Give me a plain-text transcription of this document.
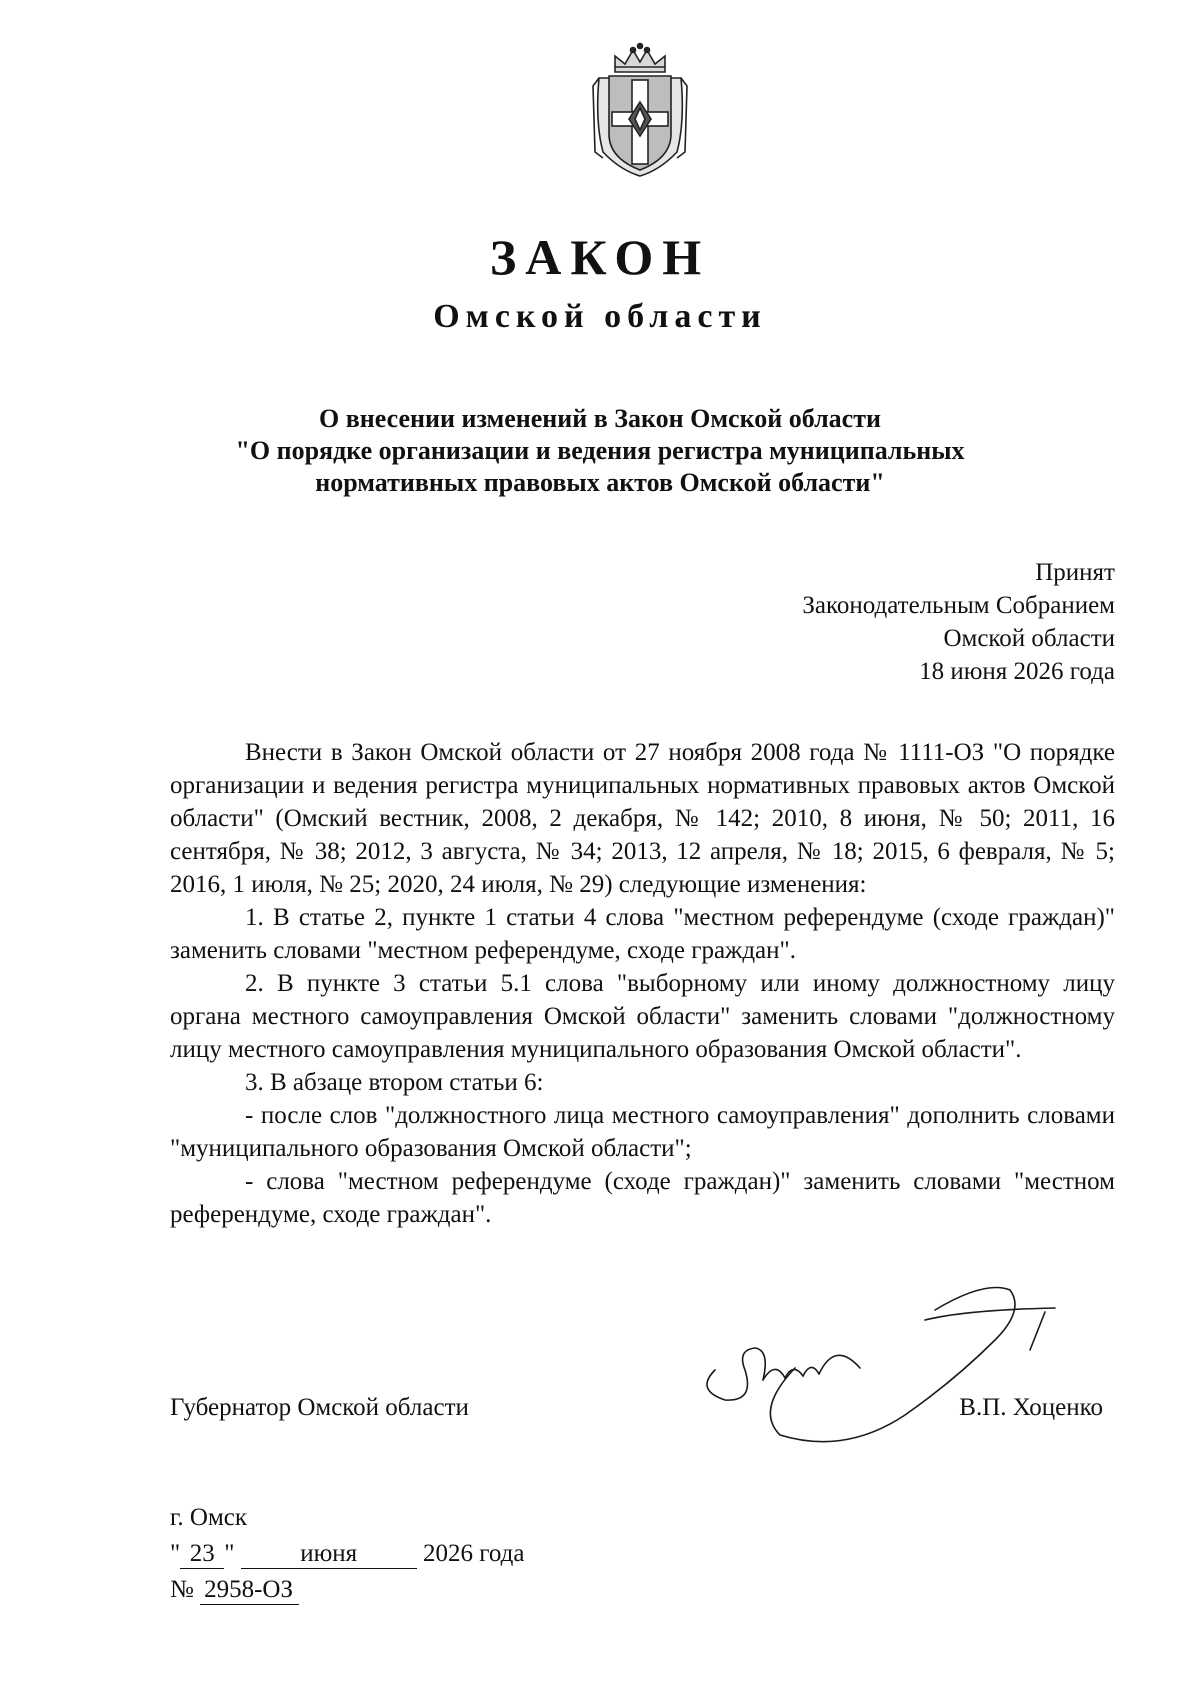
ЗАКОН
Омской области
О внесении изменений в Закон Омской области
"О порядке организации и ведения регистра муниципальных
нормативных правовых актов Омской области"
Принят
Законодательным Собранием
Омской области
18 июня 2026 года

Внести в Закон Омской области от 27 ноября 2008 года № 1111-ОЗ "О порядке организации и ведения регистра муниципальных нормативных правовых актов Омской области" (Омский вестник, 2008, 2 декабря, № 142; 2010, 8 июня, № 50; 2011, 16 сентября, № 38; 2012, 3 августа, № 34; 2013, 12 апреля, № 18; 2015, 6 февраля, № 5; 2016, 1 июля, № 25; 2020, 24 июля, № 29) следующие изменения:

1. В статье 2, пункте 1 статьи 4 слова "местном референдуме (сходе граждан)" заменить словами "местном референдуме, сходе граждан".

2. В пункте 3 статьи 5.1 слова "выборному или иному должностному лицу органа местного самоуправления Омской области" заменить словами "должностному лицу местного самоуправления муниципального образования Омской области".

3. В абзаце втором статьи 6:

- после слов "должностного лица местного самоуправления" дополнить словами "муниципального образования Омской области";

- слова "местном референдуме (сходе граждан)" заменить словами "местном референдуме, сходе граждан".

Губернатор Омской области	В.П. Хоценко
г. Омск
" 23 "	июня	2026 года
№ 2958-ОЗ
